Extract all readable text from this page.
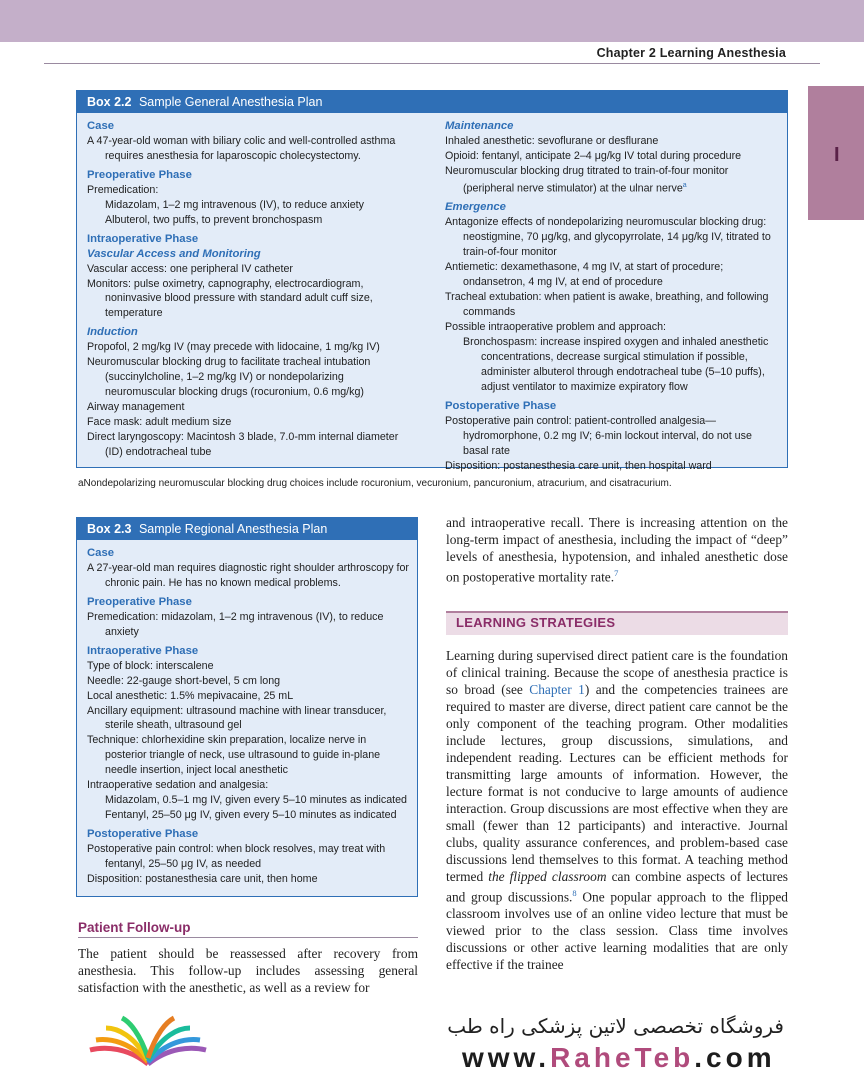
Chapter 2 Learning Anesthesia
I
Box 2.2 Sample General Anesthesia Plan
Case
A 47-year-old woman with biliary colic and well-controlled asthma requires anesthesia for laparoscopic cholecystectomy.
Preoperative Phase
Premedication:
Midazolam, 1–2 mg intravenous (IV), to reduce anxiety
Albuterol, two puffs, to prevent bronchospasm
Intraoperative Phase
Vascular Access and Monitoring
Vascular access: one peripheral IV catheter
Monitors: pulse oximetry, capnography, electrocardiogram, noninvasive blood pressure with standard adult cuff size, temperature
Induction
Propofol, 2 mg/kg IV (may precede with lidocaine, 1 mg/kg IV)
Neuromuscular blocking drug to facilitate tracheal intubation (succinylcholine, 1–2 mg/kg IV) or nondepolarizing neuromuscular blocking drugs (rocuronium, 0.6 mg/kg)
Airway management
Face mask: adult medium size
Direct laryngoscopy: Macintosh 3 blade, 7.0-mm internal diameter (ID) endotracheal tube
Maintenance
Inhaled anesthetic: sevoflurane or desflurane
Opioid: fentanyl, anticipate 2–4 μg/kg IV total during procedure
Neuromuscular blocking drug titrated to train-of-four monitor (peripheral nerve stimulator) at the ulnar nerve$^a$
Emergence
Antagonize effects of nondepolarizing neuromuscular blocking drug: neostigmine, 70 μg/kg, and glycopyrrolate, 14 μg/kg IV, titrated to train-of-four monitor
Antiemetic: dexamethasone, 4 mg IV, at start of procedure; ondansetron, 4 mg IV, at end of procedure
Tracheal extubation: when patient is awake, breathing, and following commands
Possible intraoperative problem and approach:
Bronchospasm: increase inspired oxygen and inhaled anesthetic concentrations, decrease surgical stimulation if possible, administer albuterol through endotracheal tube (5–10 puffs), adjust ventilator to maximize expiratory flow
Postoperative Phase
Postoperative pain control: patient-controlled analgesia—hydromorphone, 0.2 mg IV; 6-min lockout interval, do not use basal rate
Disposition: postanesthesia care unit, then hospital ward
aNondepolarizing neuromuscular blocking drug choices include rocuronium, vecuronium, pancuronium, atracurium, and cisatracurium.
Box 2.3 Sample Regional Anesthesia Plan
Case
A 27-year-old man requires diagnostic right shoulder arthroscopy for chronic pain. He has no known medical problems.
Preoperative Phase
Premedication: midazolam, 1–2 mg intravenous (IV), to reduce anxiety
Intraoperative Phase
Type of block: interscalene
Needle: 22-gauge short-bevel, 5 cm long
Local anesthetic: 1.5% mepivacaine, 25 mL
Ancillary equipment: ultrasound machine with linear transducer, sterile sheath, ultrasound gel
Technique: chlorhexidine skin preparation, localize nerve in posterior triangle of neck, use ultrasound to guide in-plane needle insertion, inject local anesthetic
Intraoperative sedation and analgesia:
Midazolam, 0.5–1 mg IV, given every 5–10 minutes as indicated
Fentanyl, 25–50 μg IV, given every 5–10 minutes as indicated
Postoperative Phase
Postoperative pain control: when block resolves, may treat with fentanyl, 25–50 μg IV, as needed
Disposition: postanesthesia care unit, then home
and intraoperative recall. There is increasing attention on the long-term impact of anesthesia, including the impact of “deep” levels of anesthesia, hypotension, and inhaled anesthetic dose on postoperative mortality rate.$^7$
LEARNING STRATEGIES
Learning during supervised direct patient care is the foundation of clinical training. Because the scope of anesthesia practice is so broad (see Chapter 1) and the competencies trainees are required to master are diverse, direct patient care cannot be the only component of the teaching program. Other modalities include lectures, group discussions, simulations, and independent reading. Lectures can be efficient methods for transmitting large amounts of information. However, the lecture format is not conducive to large amounts of audience interaction. Group discussions are most effective when they are small (fewer than 12 participants) and interactive. Journal clubs, quality assurance conferences, and problem-based case discussions lend themselves to this format. A teaching method termed the flipped classroom can combine aspects of lectures and group discussions.$^8$ One popular approach to the flipped classroom involves use of an online video lecture that must be viewed prior to the class session. Class time involves discussions or other active learning modalities that are only effective if the trainee
Patient Follow-up
The patient should be reassessed after recovery from anesthesia. This follow-up includes assessing general satisfaction with the anesthetic, as well as a review for
فروشگاه تخصصی لاتین پزشکی راه طب
www.RaheTeb.com
